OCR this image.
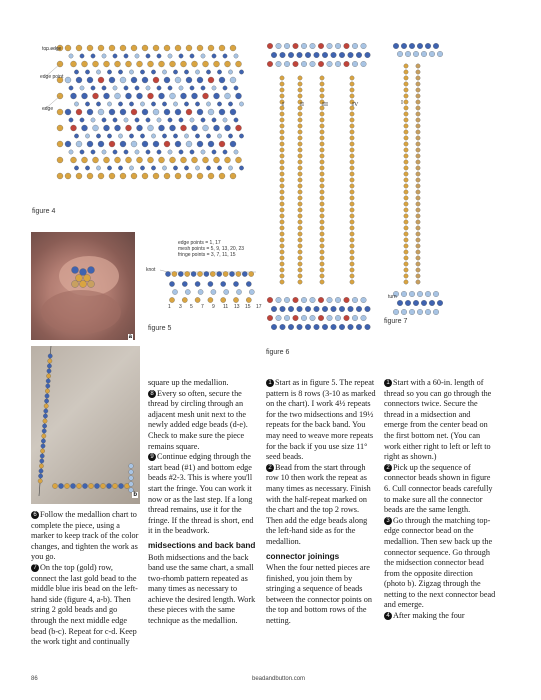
top edge
edge point
edge
figure 4
I	II	III	IV
figure 6
I
turn
figure 7
a
b
edge points = 1, 17
mesh points = 5, 9, 13, 20, 23
fringe points = 3, 7, 11, 15
knot
1 3 5 7 9 11 13 15 17
figure 5

6 Follow the medallion chart to complete the piece, using a marker to keep track of the color changes, and tighten the work as you go.

7 On the top (gold) row, connect the last gold bead to the middle blue iris bead on the left-hand side (figure 4, a-b). Then string 2 gold beads and go through the next middle edge bead (b-c). Repeat for c-d. Keep the work tight and continually

square up the medallion.

8 Every so often, secure the thread by circling through an adjacent mesh unit next to the newly added edge beads (d-e). Check to make sure the piece remains square.

9 Continue edging through the start bead (#1) and bottom edge beads #2-3. This is where you'll start the fringe. You can work it now or as the last step. If a long thread remains, use it for the fringe. If the thread is short, end it in the beadwork.

midsections and back band

Both midsections and the back band use the same chart, a small two-rhomb pattern repeated as many times as necessary to achieve the desired length. Work these pieces with the same technique as the medallion.

1 Start as in figure 5. The repeat pattern is 8 rows (3-10 as marked on the chart). I work 4½ repeats for the two midsections and 19½ repeats for the back band. You may need to weave more repeats for the back if you use size 11° seed beads.

2 Bead from the start through row 10 then work the repeat as many times as necessary. Finish with the half-repeat marked on the chart and the top 2 rows. Then add the edge beads along the left-hand side as for the medallion.

connector joinings

When the four netted pieces are finished, you join them by stringing a sequence of beads between the connector points on the top and bottom rows of the netting.

1 Start with a 60-in. length of thread so you can go through the connectors twice. Secure the thread in a midsection and emerge from the center bead on the first bottom net. (You can work either right to left or left to right as shown.)

2 Pick up the sequence of connector beads shown in figure 6. Cull connector beads carefully to make sure all the connector beads are the same length.

3 Go through the matching top-edge connector bead on the medallion. Then sew back up the connector sequence. Go through the midsection connector bead from the opposite direction (photo b). Zigzag through the netting to the next connector bead and emerge.

4 After making the four

86	beadandbutton.com
